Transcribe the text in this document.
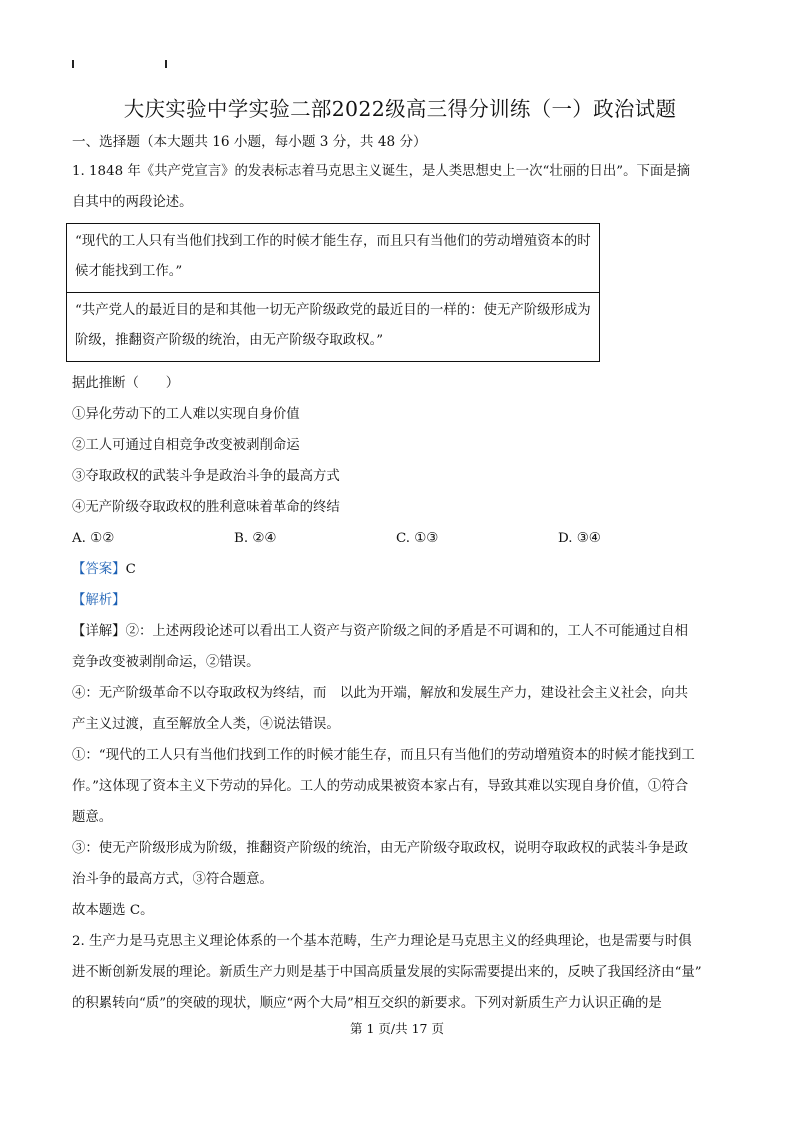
大庆实验中学实验二部2022级高三得分训练（一）政治试题
一、选择题（本大题共 16 小题，每小题 3 分，共 48 分）
1. 1848 年《共产党宣言》的发表标志着马克思主义诞生，是人类思想史上一次“壮丽的日出”。下面是摘
自其中的两段论述。
“现代的工人只有当他们找到工作的时候才能生存，而且只有当他们的劳动增殖资本的时候才能找到工作。”
“共产党人的最近目的是和其他一切无产阶级政党的最近目的一样的：使无产阶级形成为阶级，推翻资产阶级的统治，由无产阶级夺取政权。”
据此推断（　　）
①异化劳动下的工人难以实现自身价值
②工人可通过自相竞争改变被剥削命运
③夺取政权的武装斗争是政治斗争的最高方式
④无产阶级夺取政权的胜利意味着革命的终结
A. ①②	B. ②④	C. ①③	D. ③④
【答案】C
【解析】
【详解】②：上述两段论述可以看出工人资产与资产阶级之间的矛盾是不可调和的，工人不可能通过自相
竞争改变被剥削命运，②错误。
④：无产阶级革命不以夺取政权为终结，而　以此为开端，解放和发展生产力，建设社会主义社会，向共
产主义过渡，直至解放全人类，④说法错误。
①：“现代的工人只有当他们找到工作的时候才能生存，而且只有当他们的劳动增殖资本的时候才能找到工
作。”这体现了资本主义下劳动的异化。工人的劳动成果被资本家占有，导致其难以实现自身价值，①符合
题意。
③：使无产阶级形成为阶级，推翻资产阶级的统治，由无产阶级夺取政权，说明夺取政权的武装斗争是政
治斗争的最高方式，③符合题意。
故本题选 C。
2. 生产力是马克思主义理论体系的一个基本范畴，生产力理论是马克思主义的经典理论，也是需要与时俱
进不断创新发展的理论。新质生产力则是基于中国高质量发展的实际需要提出来的，反映了我国经济由“量”
的积累转向“质”的突破的现状，顺应“两个大局”相互交织的新要求。下列对新质生产力认识正确的是
第 1 页/共 17 页
